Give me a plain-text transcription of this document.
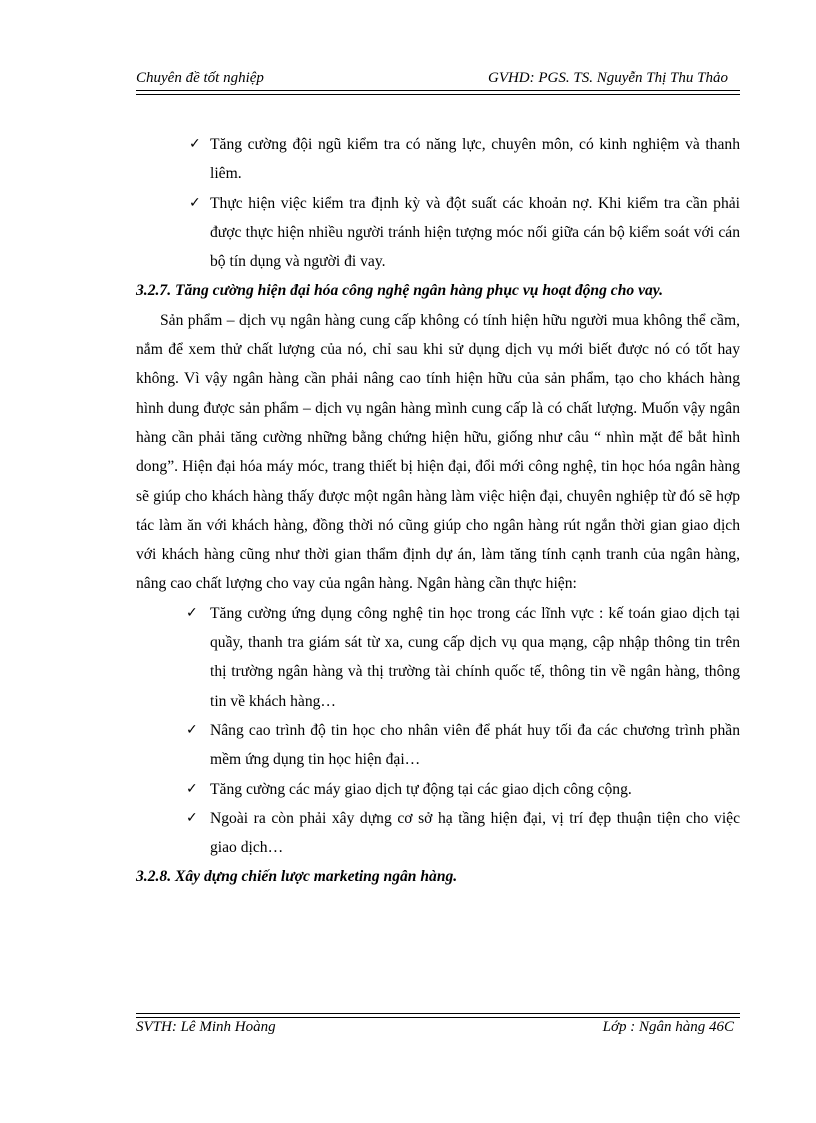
Chuyên đề tốt nghiệp	GVHD: PGS. TS. Nguyễn Thị Thu Thảo
✓ Tăng cường đội ngũ kiểm tra có năng lực, chuyên môn, có kinh nghiệm và thanh liêm.
✓ Thực hiện việc kiểm tra định kỳ và đột suất các khoản nợ. Khi kiểm tra cần phải được thực hiện nhiều người tránh hiện tượng móc nối giữa cán bộ kiểm soát với cán bộ tín dụng và người đi vay.

3.2.7. Tăng cường hiện đại hóa công nghệ ngân hàng phục vụ hoạt động cho vay.

Sản phẩm – dịch vụ ngân hàng cung cấp không có tính hiện hữu người mua không thể cầm, nắm để xem thử chất lượng của nó, chỉ sau khi sử dụng dịch vụ mới biết được nó có tốt hay không. Vì vậy ngân hàng cần phải nâng cao tính hiện hữu của sản phẩm, tạo cho khách hàng hình dung được sản phẩm – dịch vụ ngân hàng mình cung cấp là có chất lượng. Muốn vậy ngân hàng cần phải tăng cường những bằng chứng hiện hữu, giống như câu “ nhìn mặt để bắt hình dong”. Hiện đại hóa máy móc, trang thiết bị hiện đại, đổi mới công nghệ, tin học hóa ngân hàng sẽ giúp cho khách hàng thấy được một ngân hàng làm việc hiện đại, chuyên nghiệp từ đó sẽ hợp tác làm ăn với khách hàng, đồng thời nó cũng giúp cho ngân hàng rút ngắn thời gian giao dịch với khách hàng cũng như thời gian thẩm định dự án, làm tăng tính cạnh tranh của ngân hàng, nâng cao chất lượng cho vay của ngân hàng. Ngân hàng cần thực hiện:

✓ Tăng cường ứng dụng công nghệ tin học trong các lĩnh vực : kế toán giao dịch tại quầy, thanh tra giám sát từ xa, cung cấp dịch vụ qua mạng, cập nhập thông tin trên thị trường ngân hàng và thị trường tài chính quốc tế, thông tin về ngân hàng, thông tin về khách hàng…
✓ Nâng cao trình độ tin học cho nhân viên để phát huy tối đa các chương trình phần mềm ứng dụng tin học hiện đại…
✓ Tăng cường các máy giao dịch tự động tại các giao dịch công cộng.
✓ Ngoài ra còn phải xây dựng cơ sở hạ tầng hiện đại, vị trí đẹp thuận tiện cho việc giao dịch…

3.2.8. Xây dựng chiến lược marketing ngân hàng.

SVTH: Lê Minh Hoàng	Lớp : Ngân hàng 46C
